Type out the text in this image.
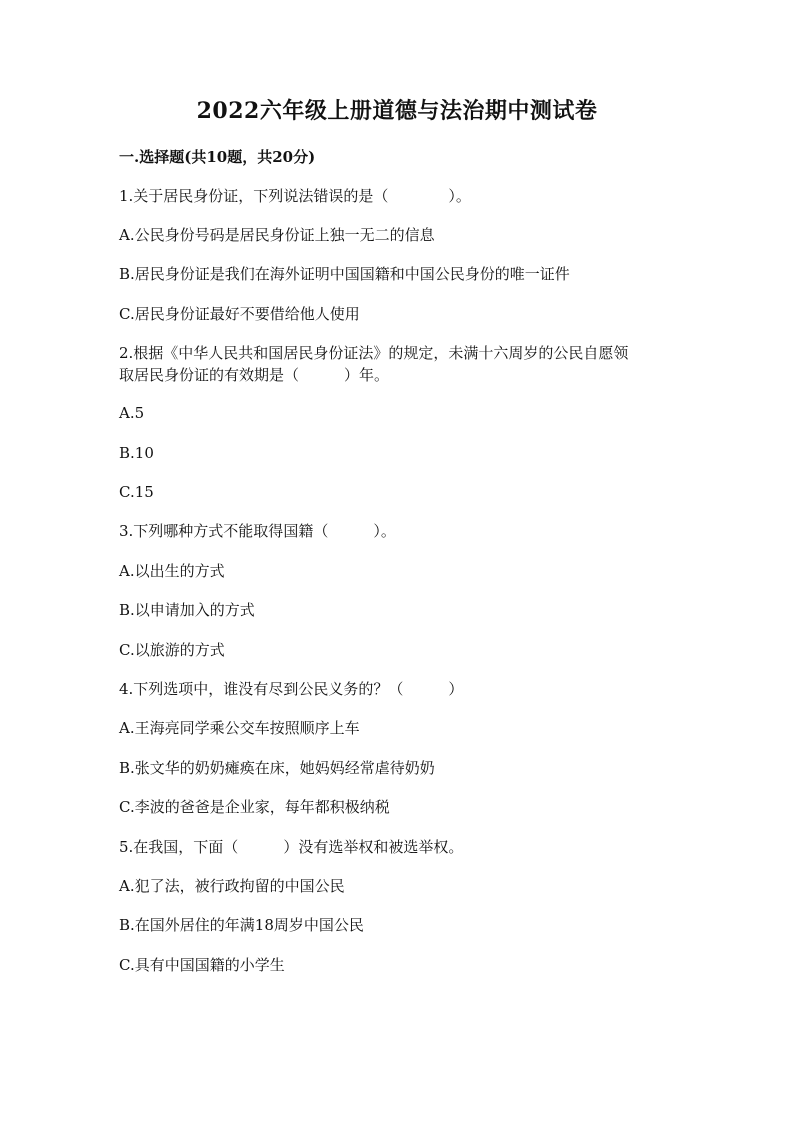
2022六年级上册道德与法治期中测试卷
一.选择题(共10题，共20分)
1.关于居民身份证，下列说法错误的是（　　　　）。
A.公民身份号码是居民身份证上独一无二的信息
B.居民身份证是我们在海外证明中国国籍和中国公民身份的唯一证件
C.居民身份证最好不要借给他人使用
2.根据《中华人民共和国居民身份证法》的规定，未满十六周岁的公民自愿领
取居民身份证的有效期是（　　　）年。
A.5
B.10
C.15
3.下列哪种方式不能取得国籍（　　　）。
A.以出生的方式
B.以申请加入的方式
C.以旅游的方式
4.下列选项中，谁没有尽到公民义务的？（　　　）
A.王海亮同学乘公交车按照顺序上车
B.张文华的奶奶瘫痪在床，她妈妈经常虐待奶奶
C.李波的爸爸是企业家，每年都积极纳税
5.在我国，下面（　　　）没有选举权和被选举权。
A.犯了法，被行政拘留的中国公民
B.在国外居住的年满18周岁中国公民
C.具有中国国籍的小学生
